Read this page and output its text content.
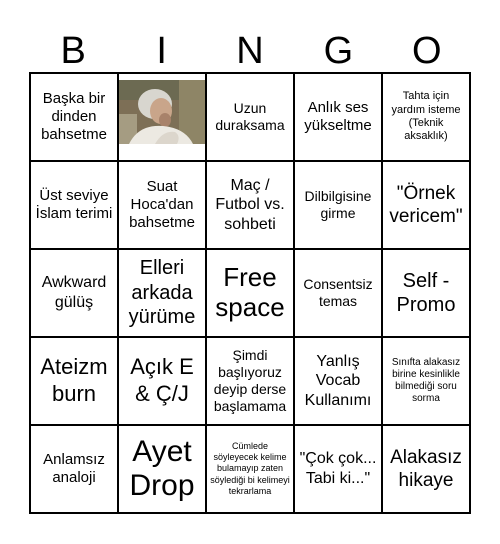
B	I	N	G	O
Başka bir dinden bahsetme
Uzun duraksama
Anlık ses yükseltme
Tahta için yardım isteme (Teknik aksaklık)
Üst seviye İslam terimi
Suat Hoca'dan bahsetme
Maç / Futbol vs. sohbeti
Dilbilgisine girme
"Örnek vericem"
Awkward gülüş
Elleri arkada yürüme
Free space
Consentsiz temas
Self - Promo
Ateizm burn
Açık E & Ç/J
Şimdi başlıyoruz deyip derse başlamama
Yanlış Vocab Kullanımı
Sınıfta alakasız birine kesinlikle bilmediği soru sorma
Anlamsız analoji
Ayet Drop
Cümlede söyleyecek kelime bulamayıp zaten söylediği bi kelimeyi tekrarlama
"Çok çok... Tabi ki..."
Alakasız hikaye
